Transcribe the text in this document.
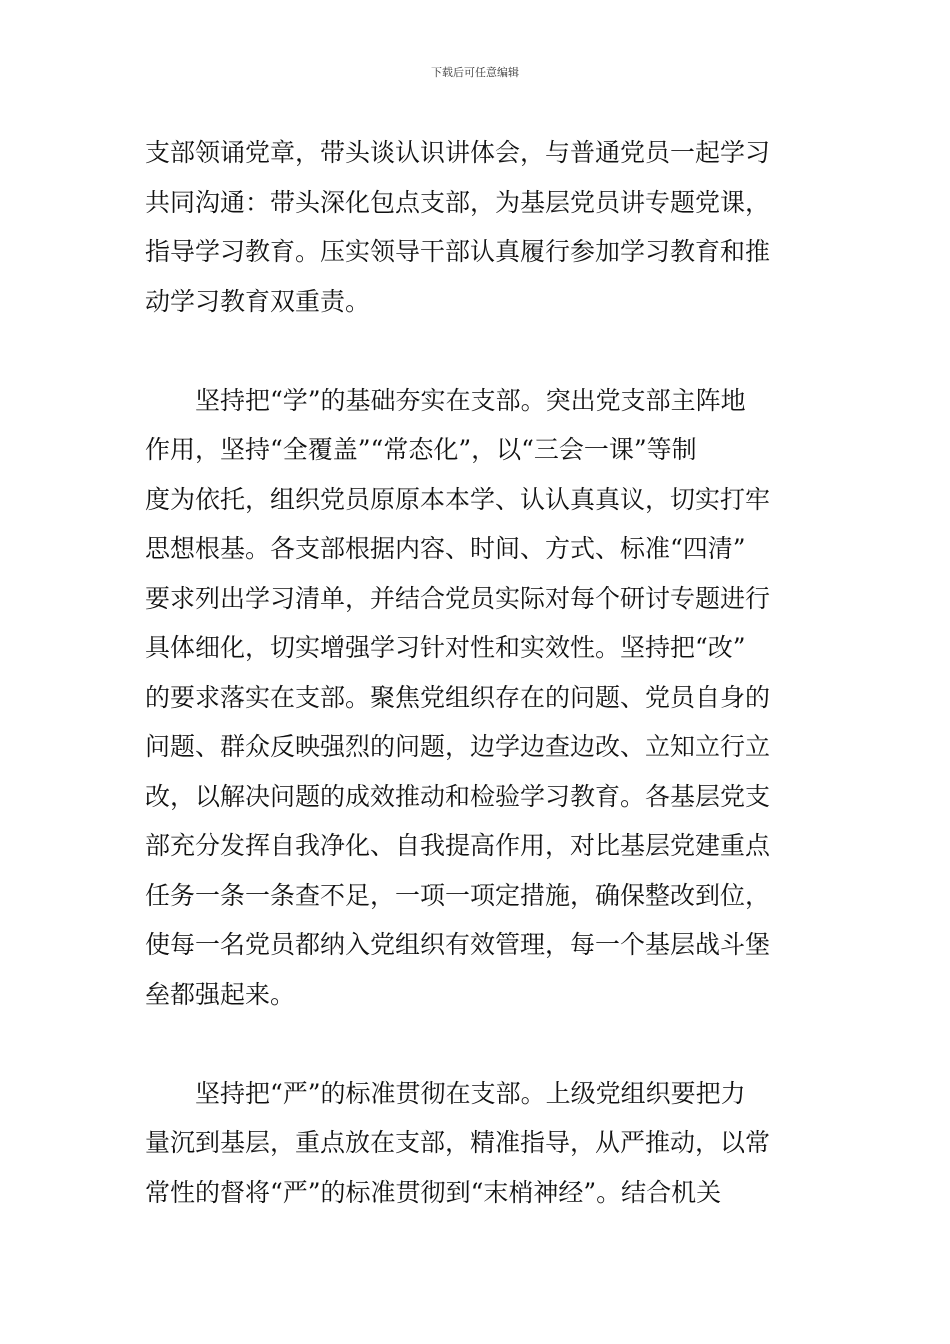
下载后可任意编辑
支部领诵党章，带头谈认识讲体会，与普通党员一起学习
共同沟通：带头深化包点支部，为基层党员讲专题党课，
指导学习教育。压实领导干部认真履行参加学习教育和推
动学习教育双重责。
　　坚持把“学”的基础夯实在支部。突出党支部主阵地
作用，坚持“全覆盖”“常态化”，以“三会一课”等制
度为依托，组织党员原原本本学、认认真真议，切实打牢
思想根基。各支部根据内容、时间、方式、标准“四清”
要求列出学习清单，并结合党员实际对每个研讨专题进行
具体细化，切实增强学习针对性和实效性。坚持把“改”
的要求落实在支部。聚焦党组织存在的问题、党员自身的
问题、群众反映强烈的问题，边学边查边改、立知立行立
改，以解决问题的成效推动和检验学习教育。各基层党支
部充分发挥自我净化、自我提高作用，对比基层党建重点
任务一条一条查不足，一项一项定措施，确保整改到位，
使每一名党员都纳入党组织有效管理，每一个基层战斗堡
垒都强起来。
　　坚持把“严”的标准贯彻在支部。上级党组织要把力
量沉到基层，重点放在支部，精准指导，从严推动，以常
常性的督将“严”的标准贯彻到“末梢神经”。结合机关
